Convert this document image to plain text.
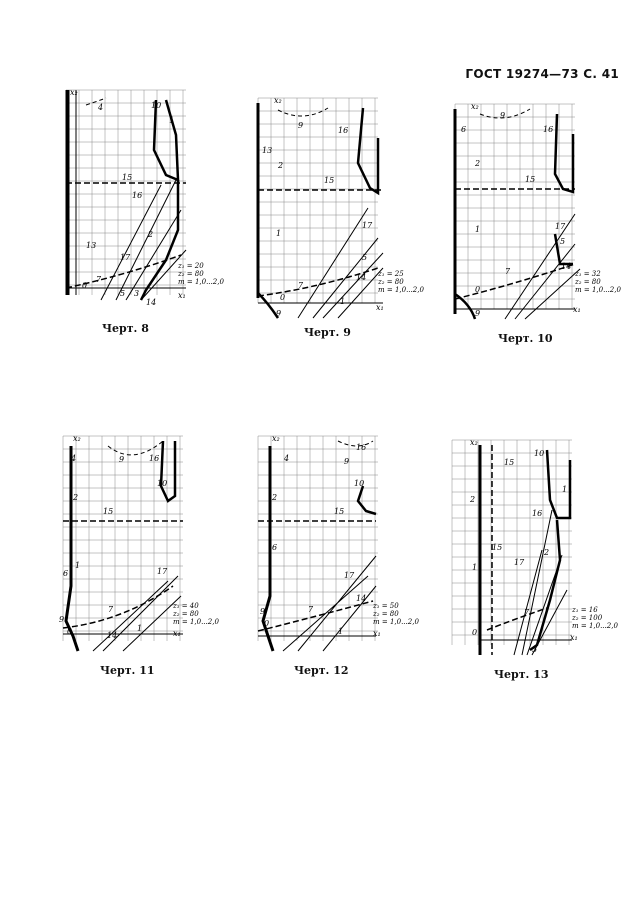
ГОСТ 19274—73 С. 41
x₂
4	10
1
15
16
2
13
17
7
0
5 3
14
z₁ = 20
z₂ = 80
m = 1,0...2,0
x₁
Черт. 8
x₂
9
16
13
2
15
1
17
5
7
0
14
9
1
z₁ = 25
z₂ = 80
m = 1,0...2,0
x₁
Черт. 9
x₂
6
9
16
2
15
1	17
5
14
7
0
9
z₁ = 32
z₂ = 80
m = 1,0...2,0
x₁
Черт. 10
x₂
4	9	16
10
2
15
1
6	17
7
9
0	14
1
z₁ = 40
z₂ = 80
m = 1,0...2,0
x₁
Черт. 11
x₂
4	9
16
10
2
15
6
17
14
7
9
0
1
z₁ = 50
z₂ = 80
m = 1,0...2,0
x₁
Черт. 12
x₂
15
10
2
1
16
15
1
17
2
7
0
5
z₁ = 16
z₂ = 100
m = 1,0...2,0
x₁
Черт. 13
